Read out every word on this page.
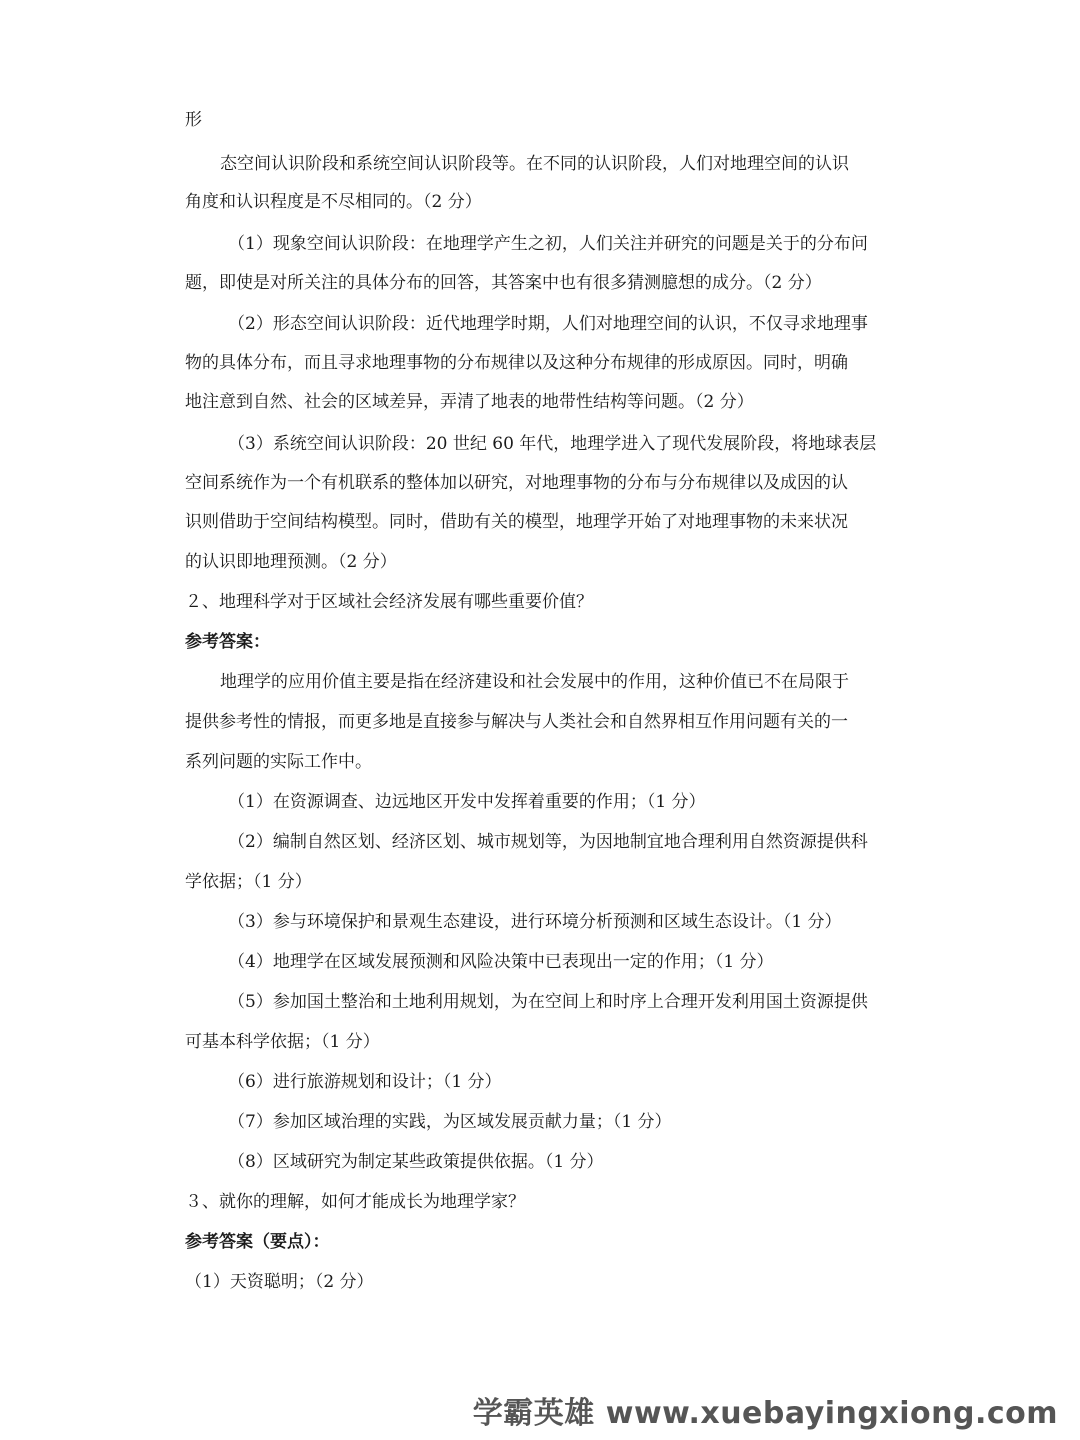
形
态空间认识阶段和系统空间认识阶段等。在不同的认识阶段，人们对地理空间的认识
角度和认识程度是不尽相同的。（2 分）
（1）现象空间认识阶段：在地理学产生之初，人们关注并研究的问题是关于的分布问
题，即使是对所关注的具体分布的回答，其答案中也有很多猜测臆想的成分。（2 分）
（2）形态空间认识阶段：近代地理学时期，人们对地理空间的认识，不仅寻求地理事
物的具体分布，而且寻求地理事物的分布规律以及这种分布规律的形成原因。同时，明确
地注意到自然、社会的区域差异，弄清了地表的地带性结构等问题。（2 分）
（3）系统空间认识阶段：20 世纪 60 年代，地理学进入了现代发展阶段，将地球表层
空间系统作为一个有机联系的整体加以研究，对地理事物的分布与分布规律以及成因的认
识则借助于空间结构模型。同时，借助有关的模型，地理学开始了对地理事物的未来状况
的认识即地理预测。（2 分）
２、地理科学对于区域社会经济发展有哪些重要价值？
参考答案：
地理学的应用价值主要是指在经济建设和社会发展中的作用，这种价值已不在局限于
提供参考性的情报，而更多地是直接参与解决与人类社会和自然界相互作用问题有关的一
系列问题的实际工作中。
（1）在资源调查、边远地区开发中发挥着重要的作用；（1 分）
（2）编制自然区划、经济区划、城市规划等，为因地制宜地合理利用自然资源提供科
学依据；（1 分）
（3）参与环境保护和景观生态建设，进行环境分析预测和区域生态设计。（1 分）
（4）地理学在区域发展预测和风险决策中已表现出一定的作用；（1 分）
（5）参加国土整治和土地利用规划，为在空间上和时序上合理开发利用国土资源提供
可基本科学依据；（1 分）
（6）进行旅游规划和设计；（1 分）
（7）参加区域治理的实践，为区域发展贡献力量；（1 分）
（8）区域研究为制定某些政策提供依据。（1 分）
３、就你的理解，如何才能成长为地理学家？
参考答案（要点）：
（1）天资聪明；（2 分）
学霸英雄 www.xuebayingxiong.com
